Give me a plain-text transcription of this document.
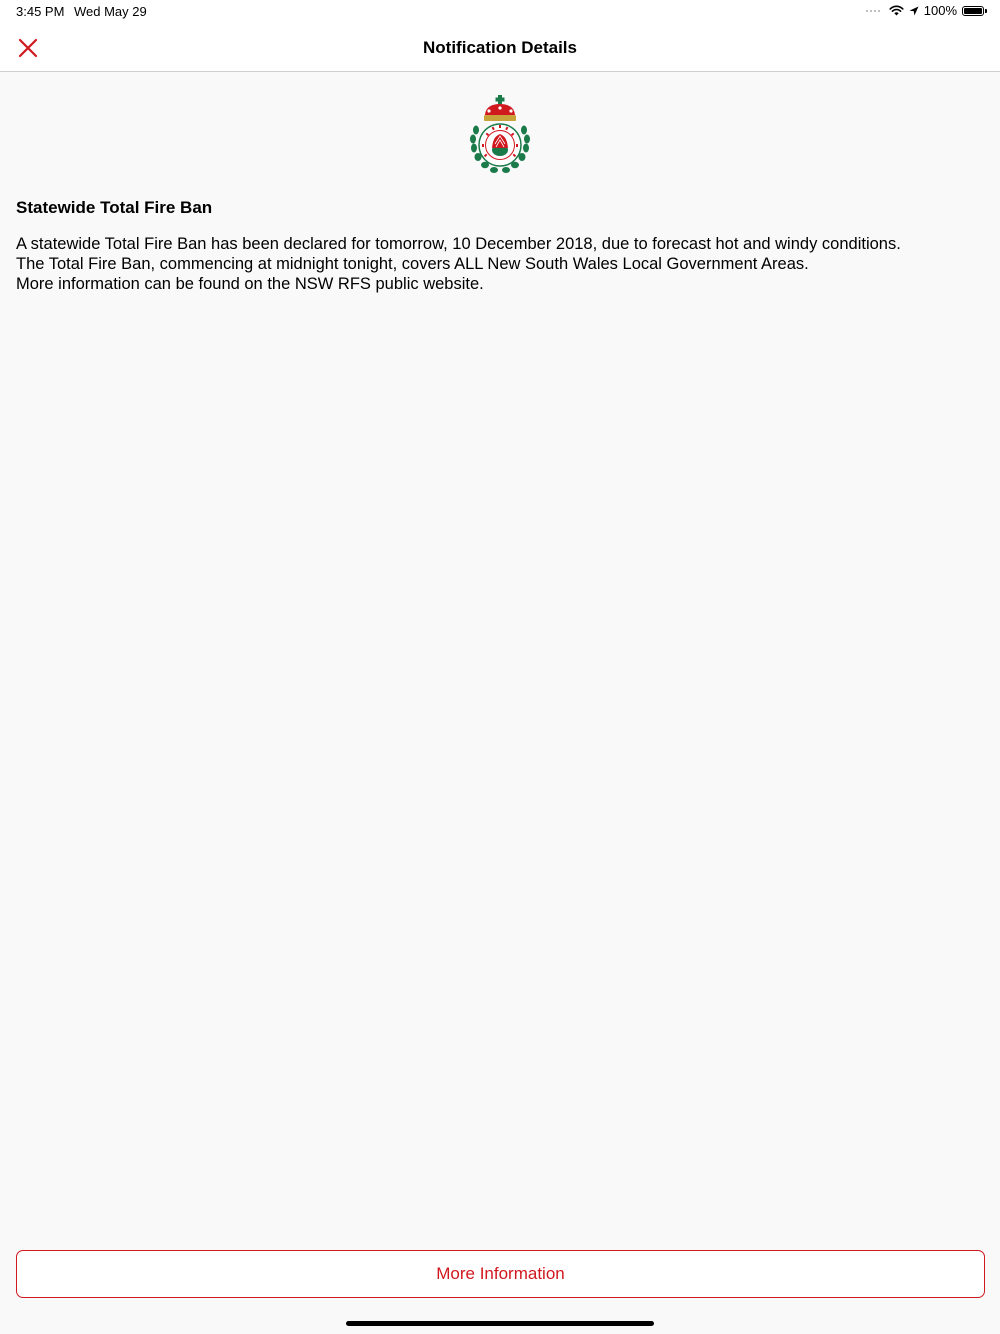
3:45 PM Wed May 29	100%
Notification Details
Statewide Total Fire Ban

A statewide Total Fire Ban has been declared for tomorrow, 10 December 2018, due to forecast hot and windy conditions.

The Total Fire Ban, commencing at midnight tonight, covers ALL New South Wales Local Government Areas.

More information can be found on the NSW RFS public website.

More Information
